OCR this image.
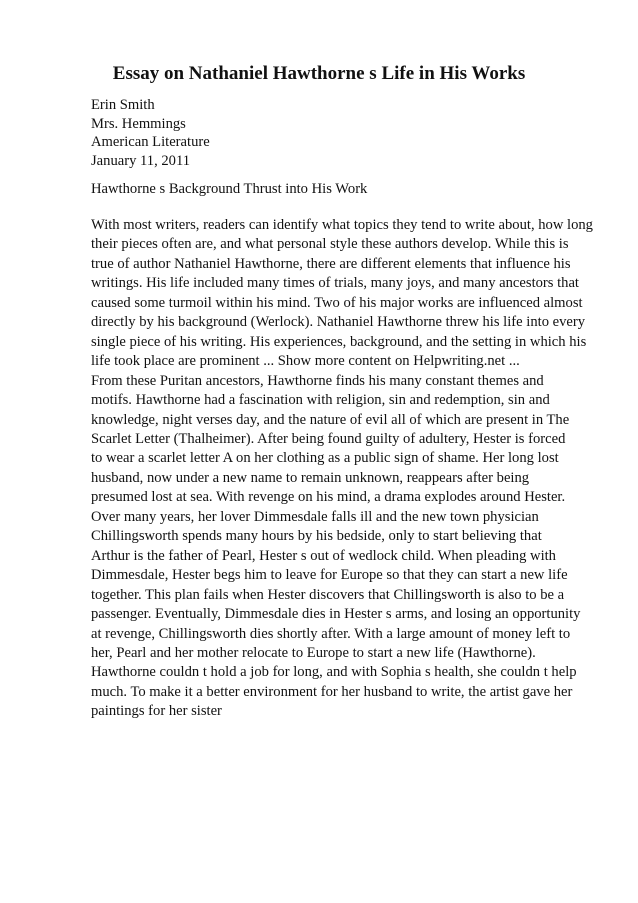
Essay on Nathaniel Hawthorne s Life in His Works
Erin Smith
Mrs. Hemmings
American Literature
January 11, 2011
Hawthorne s Background Thrust into His Work
With most writers, readers can identify what topics they tend to write about, how long
their pieces often are, and what personal style these authors develop. While this is
true of author Nathaniel Hawthorne, there are different elements that influence his
writings. His life included many times of trials, many joys, and many ancestors that
caused some turmoil within his mind. Two of his major works are influenced almost
directly by his background (Werlock). Nathaniel Hawthorne threw his life into every
single piece of his writing. His experiences, background, and the setting in which his
life took place are prominent ... Show more content on Helpwriting.net ...
From these Puritan ancestors, Hawthorne finds his many constant themes and
motifs. Hawthorne had a fascination with religion, sin and redemption, sin and
knowledge, night verses day, and the nature of evil all of which are present in The
Scarlet Letter (Thalheimer). After being found guilty of adultery, Hester is forced
to wear a scarlet letter A on her clothing as a public sign of shame. Her long lost
husband, now under a new name to remain unknown, reappears after being
presumed lost at sea. With revenge on his mind, a drama explodes around Hester.
Over many years, her lover Dimmesdale falls ill and the new town physician
Chillingsworth spends many hours by his bedside, only to start believing that
Arthur is the father of Pearl, Hester s out of wedlock child. When pleading with
Dimmesdale, Hester begs him to leave for Europe so that they can start a new life
together. This plan fails when Hester discovers that Chillingsworth is also to be a
passenger. Eventually, Dimmesdale dies in Hester s arms, and losing an opportunity
at revenge, Chillingsworth dies shortly after. With a large amount of money left to
her, Pearl and her mother relocate to Europe to start a new life (Hawthorne).
Hawthorne couldn t hold a job for long, and with Sophia s health, she couldn t help
much. To make it a better environment for her husband to write, the artist gave her
paintings for her sister
